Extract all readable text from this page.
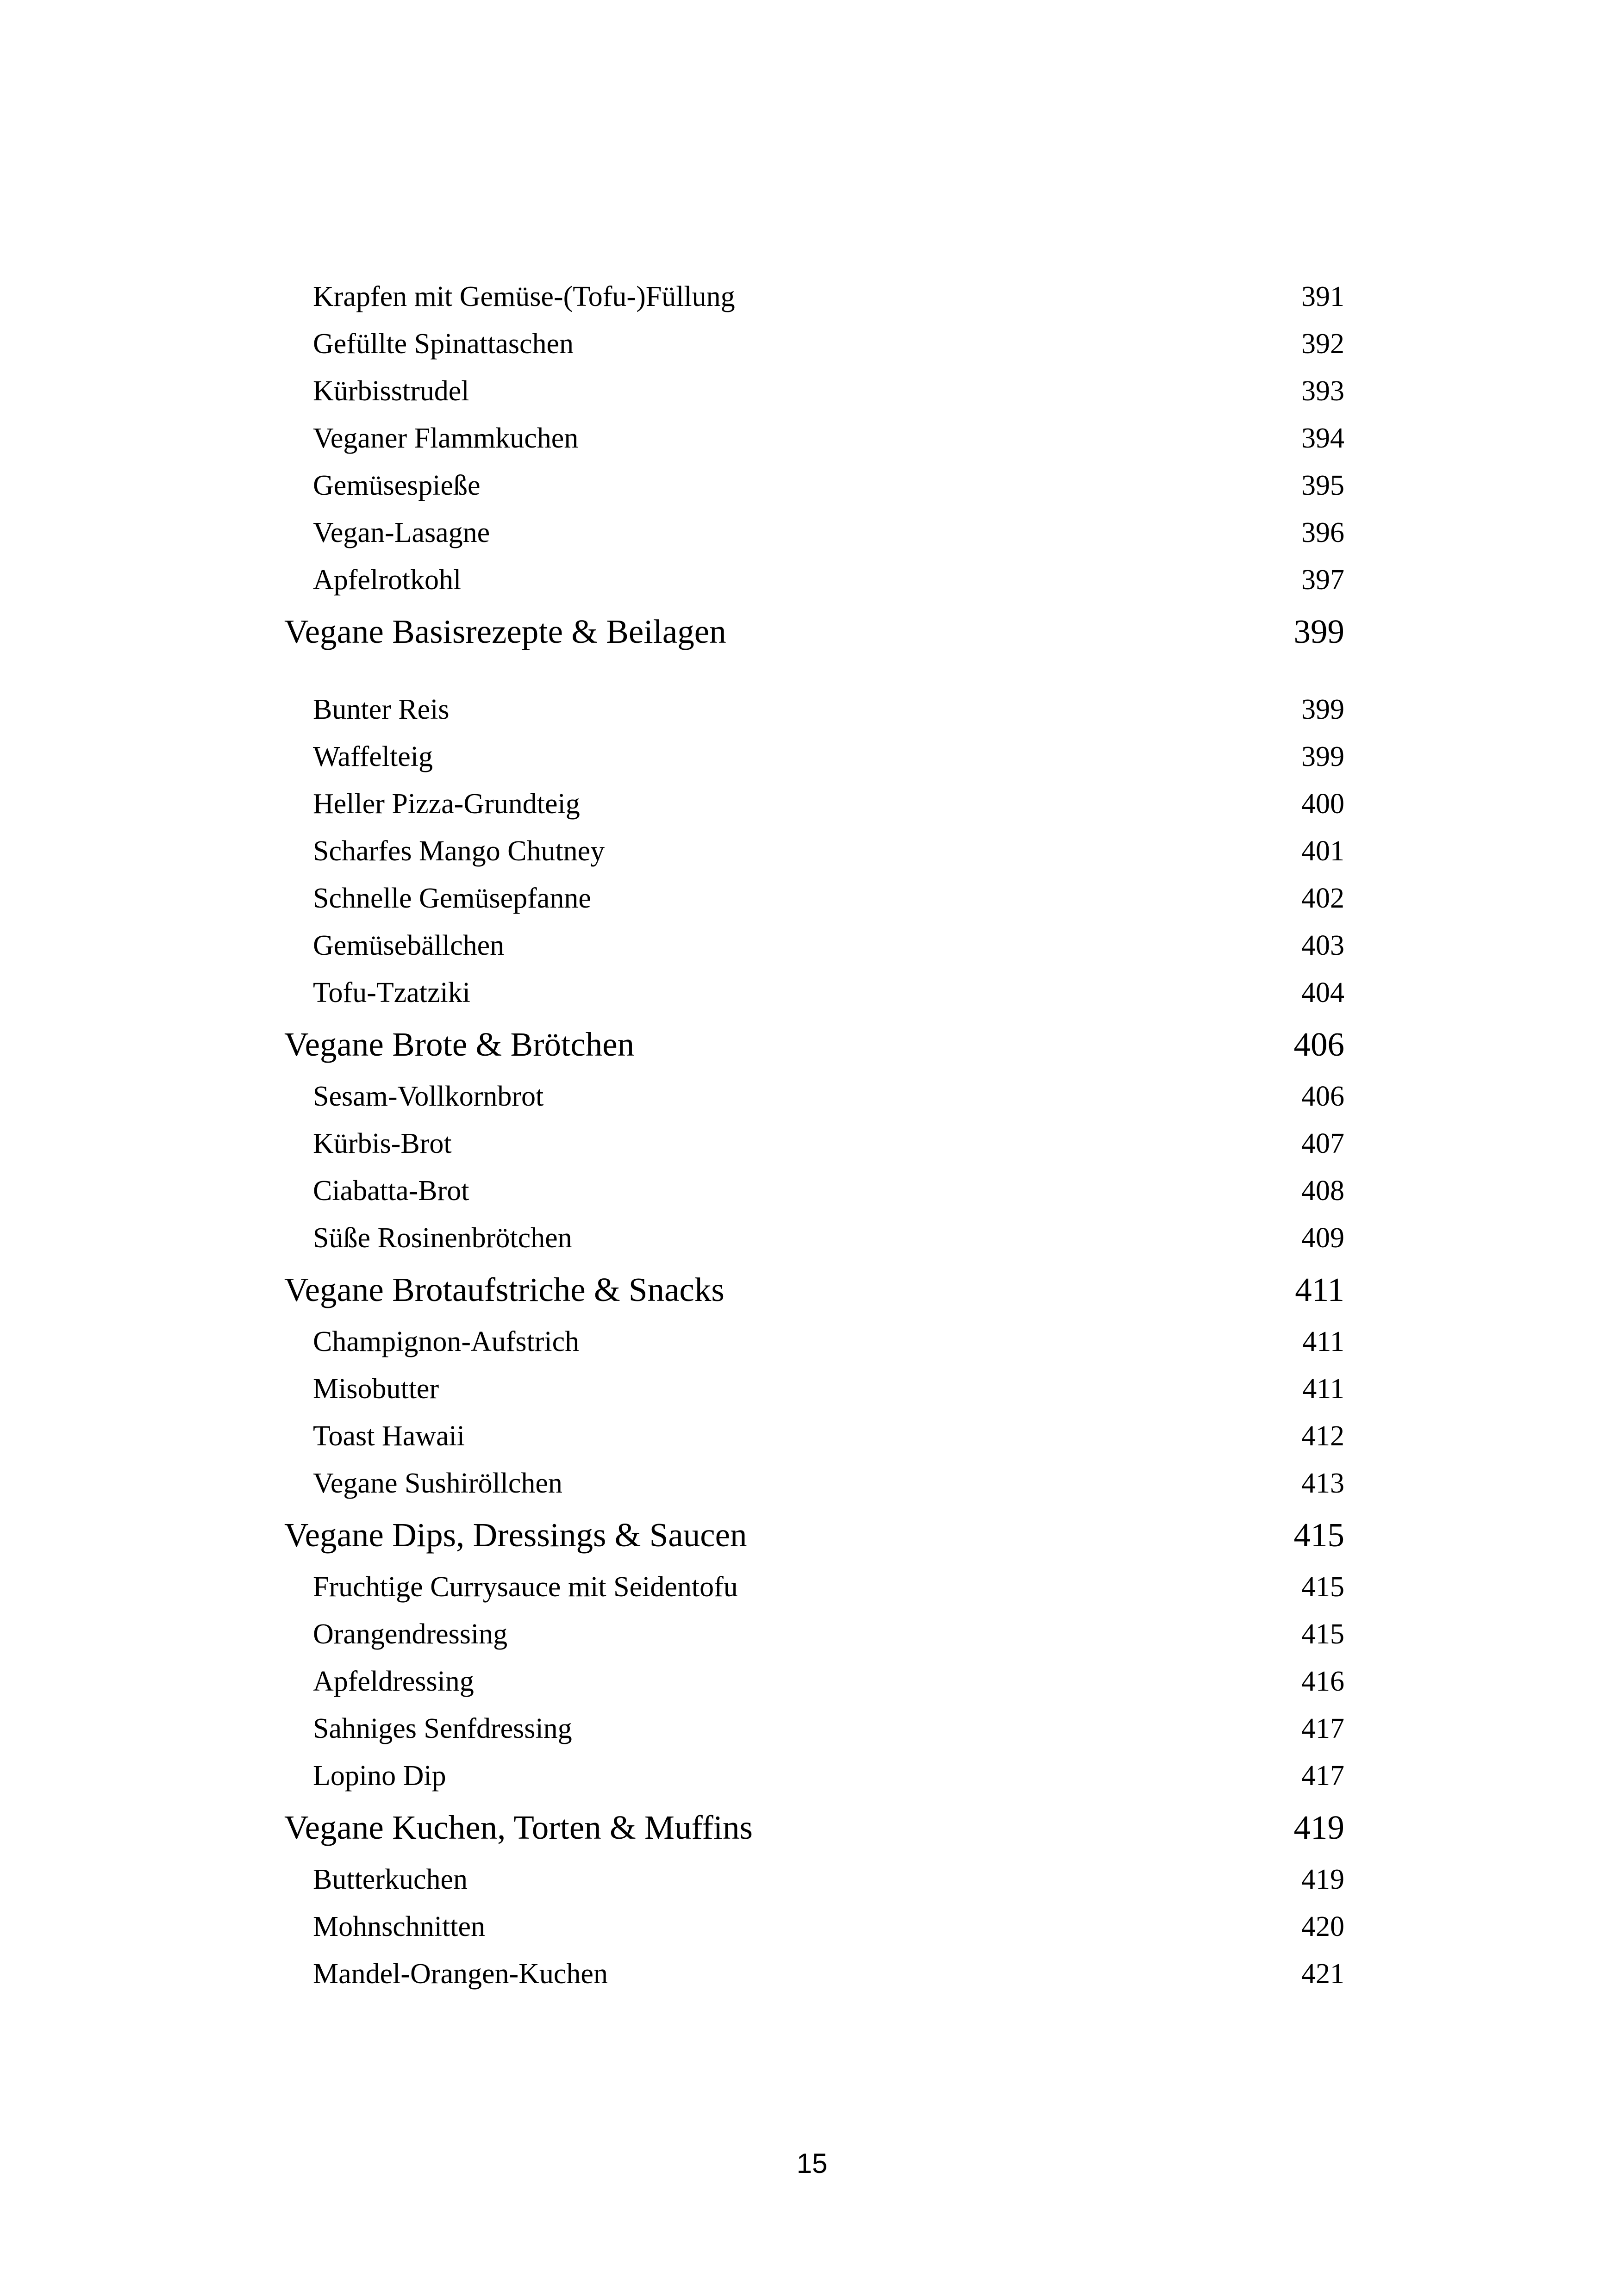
Krapfen mit Gemüse-(Tofu-)Füllung	391
Gefüllte Spinattaschen	392
Kürbisstrudel	393
Veganer Flammkuchen	394
Gemüsespieße	395
Vegan-Lasagne	396
Apfelrotkohl	397
Vegane Basisrezepte & Beilagen	399
Bunter Reis	399
Waffelteig	399
Heller Pizza-Grundteig	400
Scharfes Mango Chutney	401
Schnelle Gemüsepfanne	402
Gemüsebällchen	403
Tofu-Tzatziki	404
Vegane Brote & Brötchen	406
Sesam-Vollkornbrot	406
Kürbis-Brot	407
Ciabatta-Brot	408
Süße Rosinenbrötchen	409
Vegane Brotaufstriche & Snacks	411
Champignon-Aufstrich	411
Misobutter	411
Toast Hawaii	412
Vegane Sushiröllchen	413
Vegane Dips, Dressings & Saucen	415
Fruchtige Currysauce mit Seidentofu	415
Orangendressing	415
Apfeldressing	416
Sahniges Senfdressing	417
Lopino Dip	417
Vegane Kuchen, Torten & Muffins	419
Butterkuchen	419
Mohnschnitten	420
Mandel-Orangen-Kuchen	421
15
